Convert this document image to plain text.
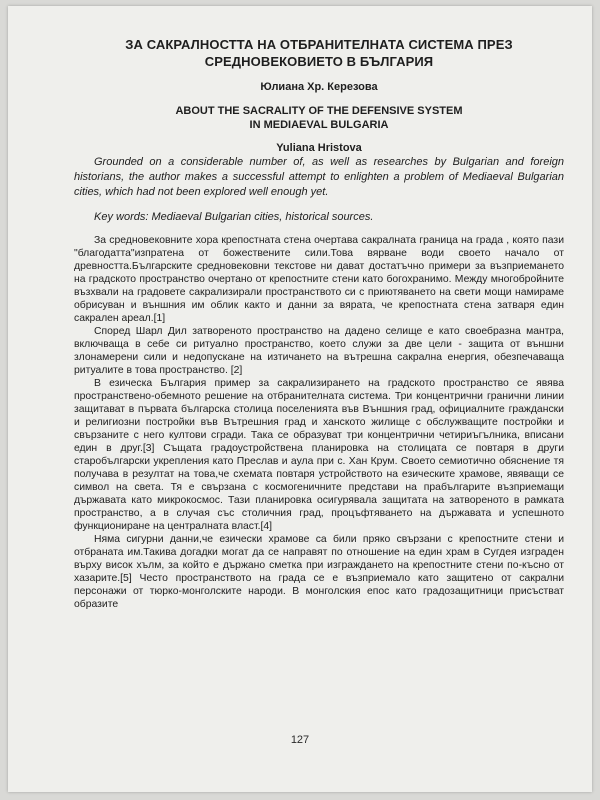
ЗА САКРАЛНОСТТА НА ОТБРАНИТЕЛНАТА СИСТЕМА ПРЕЗ
СРЕДНОВЕКОВИЕТО В БЪЛГАРИЯ
Юлиана Хр. Керезова
ABOUT THE SACRALITY OF THE DEFENSIVE SYSTEM
IN MEDIAEVAL BULGARIA
Yuliana Hristova

Grounded on a considerable number of, as well as researches by Bulgarian and foreign historians, the author makes a successful attempt to enlighten a problem of Mediaeval Bulgarian cities, which had not been explored well enough yet.

Key words: Mediaeval Bulgarian cities, historical sources.

За средновековните хора крепостната стена очертава сакралната граница на града , която пази "благодатта"изпратена от божествените сили.Това вярване води своето начало от древността.Българските средновековни текстове ни дават достатъчно примери за възприемането на градското пространство очертано от крепостните стени като богохранимо. Между многобройните възхвали на градовете сакрализирали пространството си с приютяването на свети мощи намираме обрисуван и външния им облик както и данни за вярата, че крепостната стена затваря един сакрален ареал.[1]

Според Шарл Дил затвореното пространство на дадено селище е като своебразна мантра, включваща в себе си ритуално пространство, което служи за две цели - защита от външни злонамерени сили и недопускане на изтичането на вътрешна сакрална енергия, обезпечаваща ритуалите в това пространство. [2]

В езическа България пример за сакрализирането на градското пространство се явява пространствено-обемното решение на отбранителната система. Три концентрични гранични линии защитават в първата българска столица поселенията във Външния град, официалните граждански и религиозни постройки във Вътрешния град и ханското жилище с обслужващите постройки и свързаните с него култови сгради. Така се образуват три концентрични четириъгълника, вписани един в друг.[3] Същата градоустройствена планировка на столицата се повтаря в други старобългарски укрепления като Преслав и аула при с. Хан Крум. Своето семиотично обяснение тя получава в резултат на това,че схемата повтаря устройството на езическите храмове, явяващи се символ на света. Тя е свързана с космогеничните представи на прабългарите възприемащи държавата като микрокосмос. Тази планировка осигурявала защитата на затвореното в рамката пространство, а в случая със столичния град, процъфтяването на държавата и успешното функциониране на централната власт.[4]

Няма сигурни данни,че езически храмове са били пряко свързани с крепостните стени и отбраната им.Такива догадки могат да се направят по отношение на един храм в Сугдея изграден върху висок хълм, за който е държано сметка при изграждането на крепостните стени по-късно от хазарите.[5] Често пространството на града се е възприемало като защитено от сакрални персонажи от тюрко-монголските народи. В монголския епос като градозащитници присъстват образите

127
